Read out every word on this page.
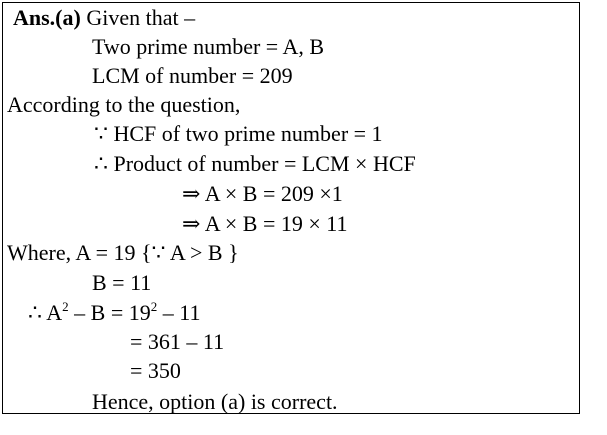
Ans.(a) Given that –
Two prime number = A, B
LCM of number = 209
According to the question,
∵ HCF of two prime number = 1
∴ Product of number = LCM × HCF
⇒ A × B = 209 ×1
⇒ A × B = 19 × 11
Where, A = 19 {∵ A > B }
B = 11
∴ $A^2 - B = 19^2 - 11$
= 361 – 11
= 350
Hence, option (a) is correct.
